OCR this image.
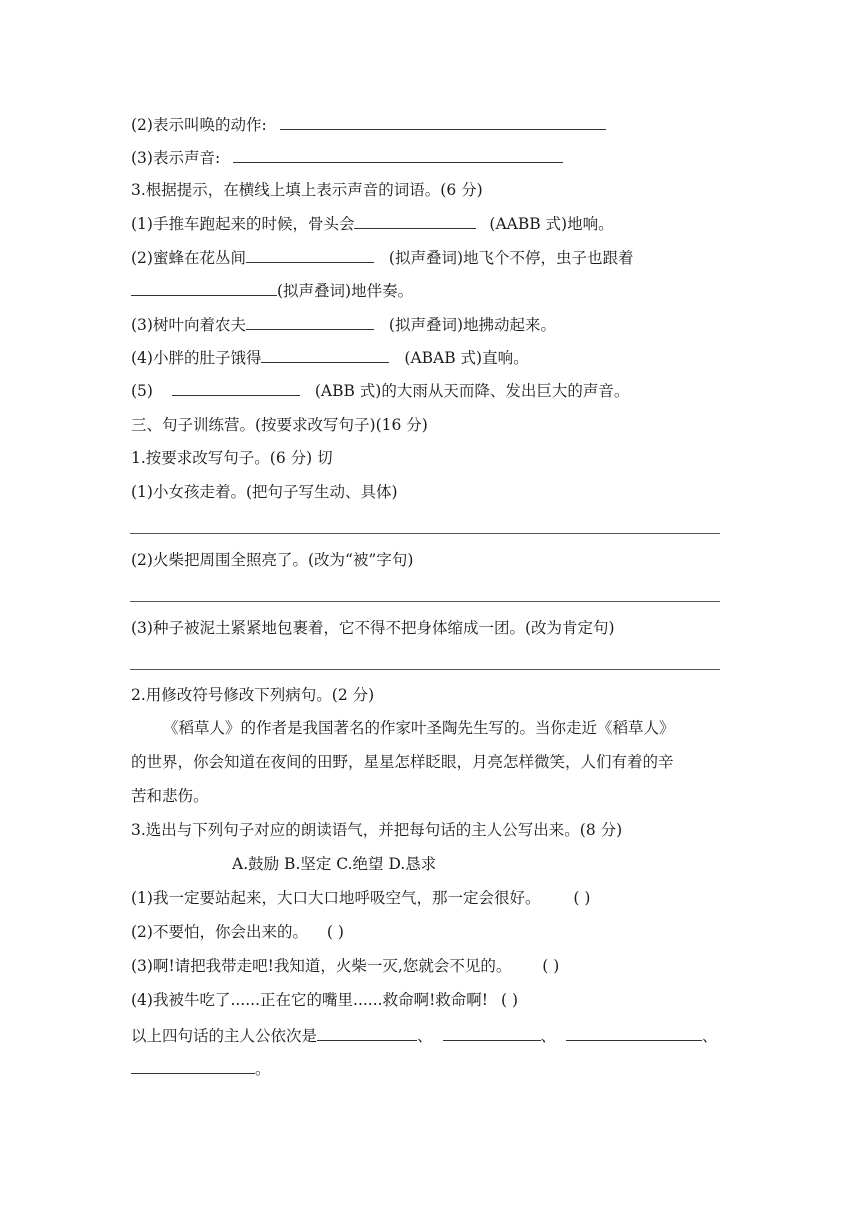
(2)表示叫唤的动作:
(3)表示声音:
3.根据提示，在横线上填上表示声音的词语。(6 分)
(1)手推车跑起来的时候，骨头会	(AABB 式)地响。
(2)蜜蜂在花丛间	(拟声叠词)地飞个不停，虫子也跟着
(拟声叠词)地伴奏。
(3)树叶向着农夫	(拟声叠词)地拂动起来。
(4)小胖的肚子饿得	(ABAB 式)直响。
(5)	(ABB 式)的大雨从天而降、发出巨大的声音。
三、句子训练营。(按要求改写句子)(16 分)
1.按要求改写句子。(6 分) 切
(1)小女孩走着。(把句子写生动、具体)
(2)火柴把周围全照亮了。(改为“被”字句)
(3)种子被泥土紧紧地包裹着，它不得不把身体缩成一团。(改为肯定句)
2.用修改符号修改下列病句。(2 分)
《稻草人》的作者是我国著名的作家叶圣陶先生写的。当你走近《稻草人》
的世界，你会知道在夜间的田野，星星怎样眨眼，月亮怎样微笑，人们有着的辛
苦和悲伤。
3.选出与下列句子对应的朗读语气，并把每句话的主人公写出来。(8 分)
A.鼓励 B.坚定 C.绝望 D.恳求
(1)我一定要站起来，大口大口地呼吸空气，那一定会很好。 ( )
(2)不要怕，你会出来的。 ( )
(3)啊!请把我带走吧!我知道，火柴一灭,您就会不见的。 ( )
(4)我被牛吃了......正在它的嘴里......救命啊!救命啊! ( )
以上四句话的主人公依次是	、	、	、
。
